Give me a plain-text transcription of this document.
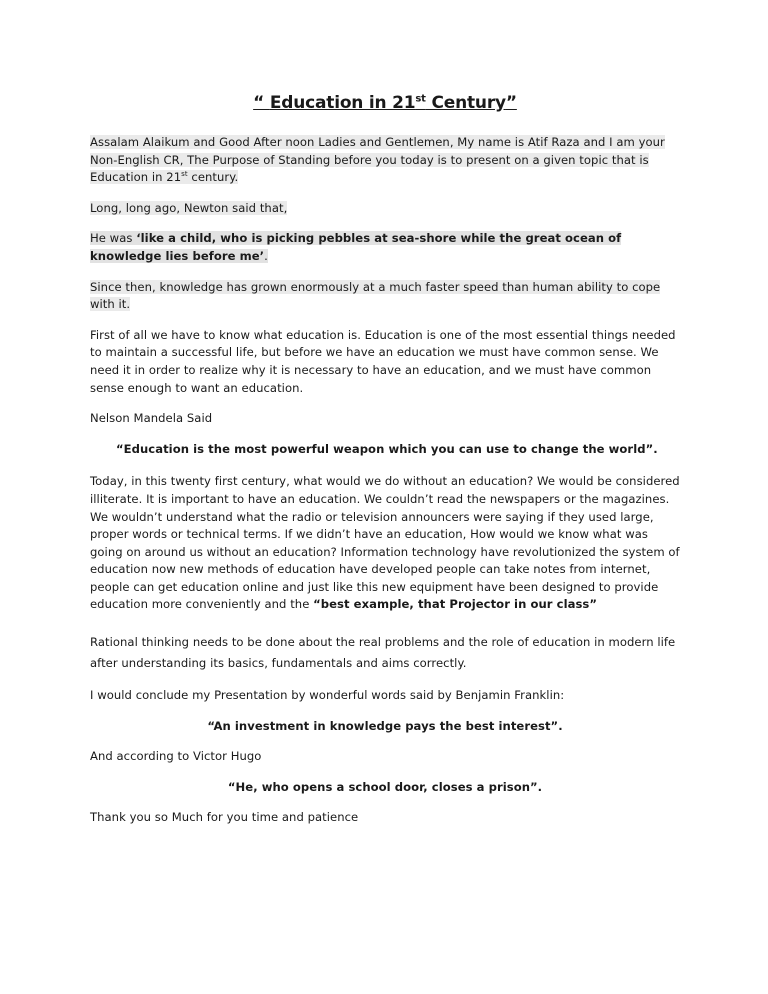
“ Education in 21st Century”

Assalam Alaikum and Good After noon Ladies and Gentlemen, My name is Atif Raza and I am your Non-English CR, The Purpose of Standing before you today is to present on a given topic that is Education in 21st century.

Long, long ago, Newton said that,

He was ‘like a child, who is picking pebbles at sea-shore while the great ocean of knowledge lies before me’.

Since then, knowledge has grown enormously at a much faster speed than human ability to cope with it.

First of all we have to know what education is. Education is one of the most essential things needed to maintain a successful life, but before we have an education we must have common sense. We need it in order to realize why it is necessary to have an education, and we must have common sense enough to want an education.

Nelson Mandela Said

“Education is the most powerful weapon which you can use to change the world”.

Today, in this twenty first century, what would we do without an education? We would be considered illiterate. It is important to have an education. We couldn’t read the newspapers or the magazines. We wouldn’t understand what the radio or television announcers were saying if they used large, proper words or technical terms. If we didn’t have an education, How would we know what was going on around us without an education? Information technology have revolutionized the system of education now new methods of education have developed people can take notes from internet, people can get education online and just like this new equipment have been designed to provide education more conveniently and the “best example, that Projector in our class”

Rational thinking needs to be done about the real problems and the role of education in modern life after understanding its basics, fundamentals and aims correctly.

I would conclude my Presentation by wonderful words said by Benjamin Franklin:

“An investment in knowledge pays the best interest”.

And according to Victor Hugo

“He, who opens a school door, closes a prison”.

Thank you so Much for you time and patience
